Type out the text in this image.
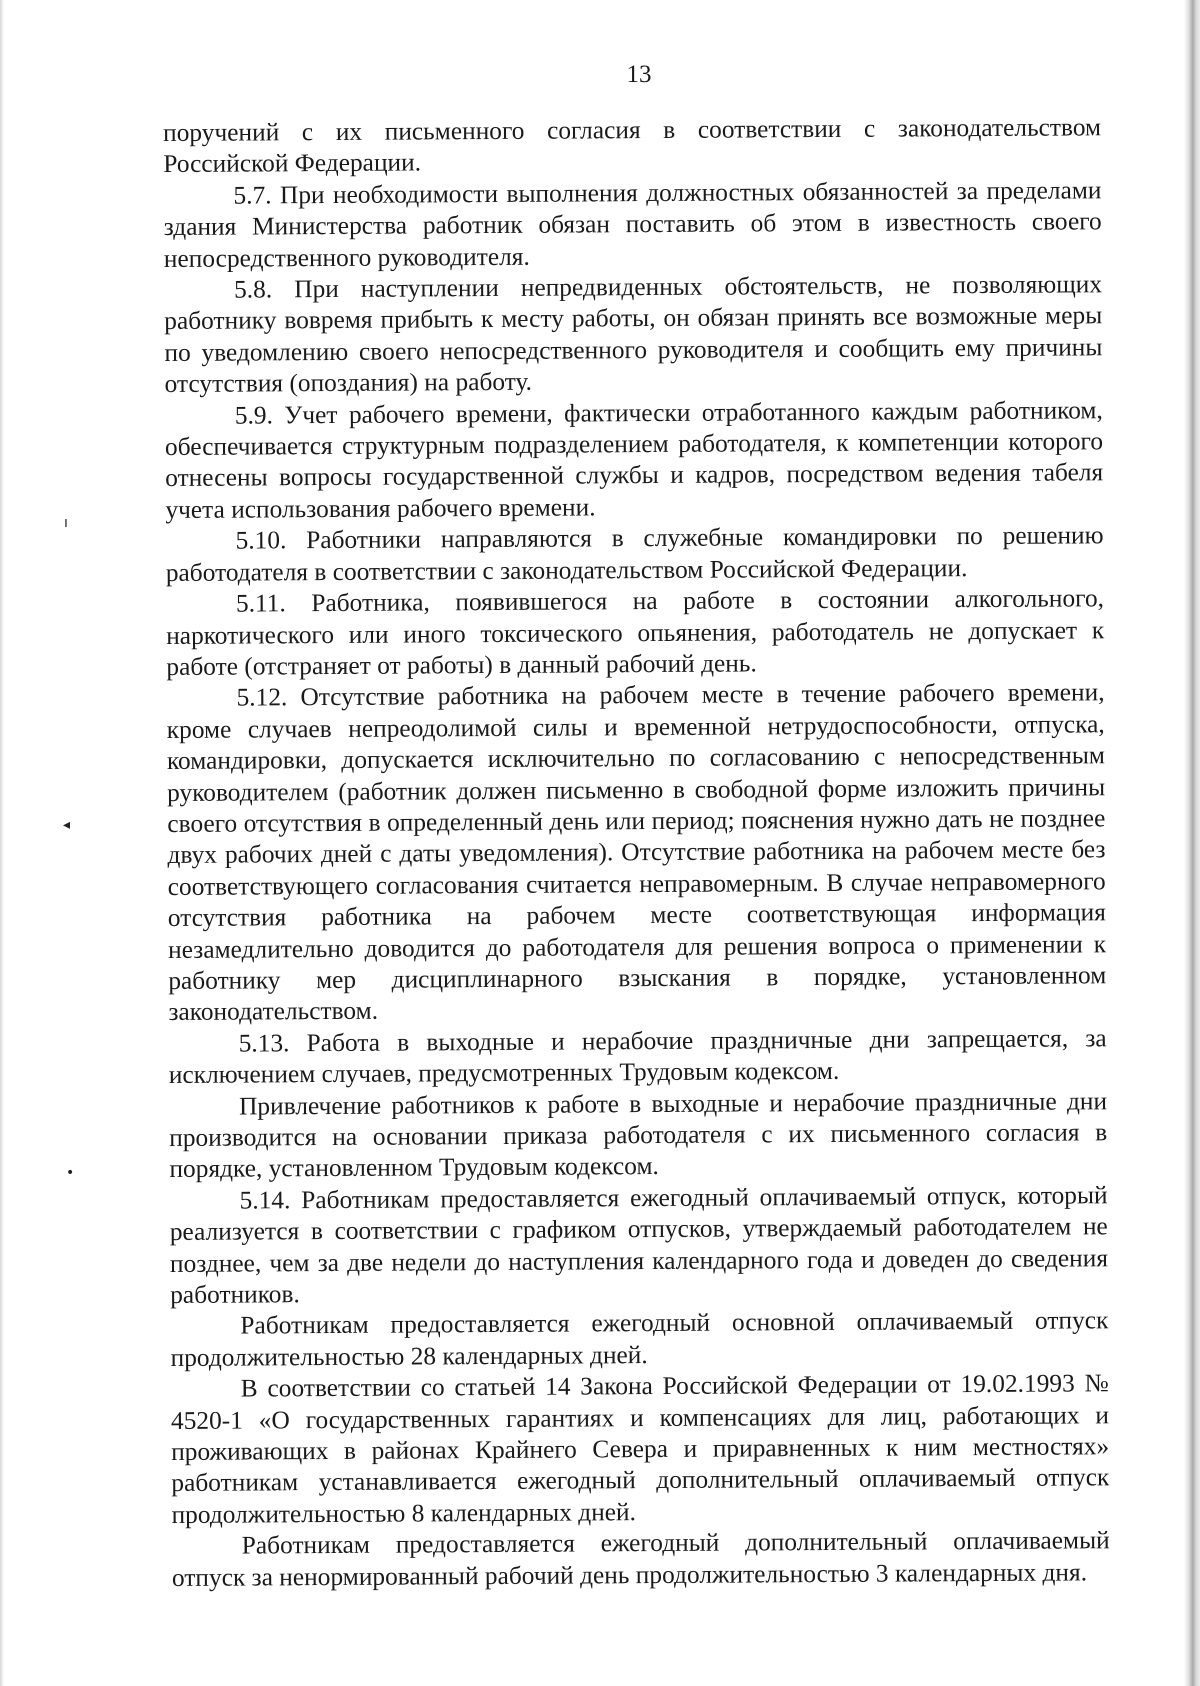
13

поручений с их письменного согласия в соответствии с законодательством Российской Федерации.

5.7. При необходимости выполнения должностных обязанностей за пределами здания Министерства работник обязан поставить об этом в известность своего непосредственного руководителя.

5.8. При наступлении непредвиденных обстоятельств, не позволяющих работнику вовремя прибыть к месту работы, он обязан принять все возможные меры по уведомлению своего непосредственного руководителя и сообщить ему причины отсутствия (опоздания) на работу.

5.9. Учет рабочего времени, фактически отработанного каждым работником, обеспечивается структурным подразделением работодателя, к компетенции которого отнесены вопросы государственной службы и кадров, посредством ведения табеля учета использования рабочего времени.

5.10. Работники направляются в служебные командировки по решению работодателя в соответствии с законодательством Российской Федерации.

5.11. Работника, появившегося на работе в состоянии алкогольного, наркотического или иного токсического опьянения, работодатель не допускает к работе (отстраняет от работы) в данный рабочий день.

5.12. Отсутствие работника на рабочем месте в течение рабочего времени, кроме случаев непреодолимой силы и временной нетрудоспособности, отпуска, командировки, допускается исключительно по согласованию с непосредственным руководителем (работник должен письменно в свободной форме изложить причины своего отсутствия в определенный день или период; пояснения нужно дать не позднее двух рабочих дней с даты уведомления). Отсутствие работника на рабочем месте без соответствующего согласования считается неправомерным. В случае неправомерного отсутствия работника на рабочем месте соответствующая информация незамедлительно доводится до работодателя для решения вопроса о применении к работнику мер дисциплинарного взыскания в порядке, установленном законодательством.

5.13. Работа в выходные и нерабочие праздничные дни запрещается, за исключением случаев, предусмотренных Трудовым кодексом.

Привлечение работников к работе в выходные и нерабочие праздничные дни производится на основании приказа работодателя с их письменного согласия в порядке, установленном Трудовым кодексом.

5.14. Работникам предоставляется ежегодный оплачиваемый отпуск, который реализуется в соответствии с графиком отпусков, утверждаемый работодателем не позднее, чем за две недели до наступления календарного года и доведен до сведения работников.

Работникам предоставляется ежегодный основной оплачиваемый отпуск продолжительностью 28 календарных дней.

В соответствии со статьей 14 Закона Российской Федерации от 19.02.1993 № 4520-1 «О государственных гарантиях и компенсациях для лиц, работающих и проживающих в районах Крайнего Севера и приравненных к ним местностях» работникам устанавливается ежегодный дополнительный оплачиваемый отпуск продолжительностью 8 календарных дней.

Работникам предоставляется ежегодный дополнительный оплачиваемый отпуск за ненормированный рабочий день продолжительностью 3 календарных дня.

ı
◂
•
